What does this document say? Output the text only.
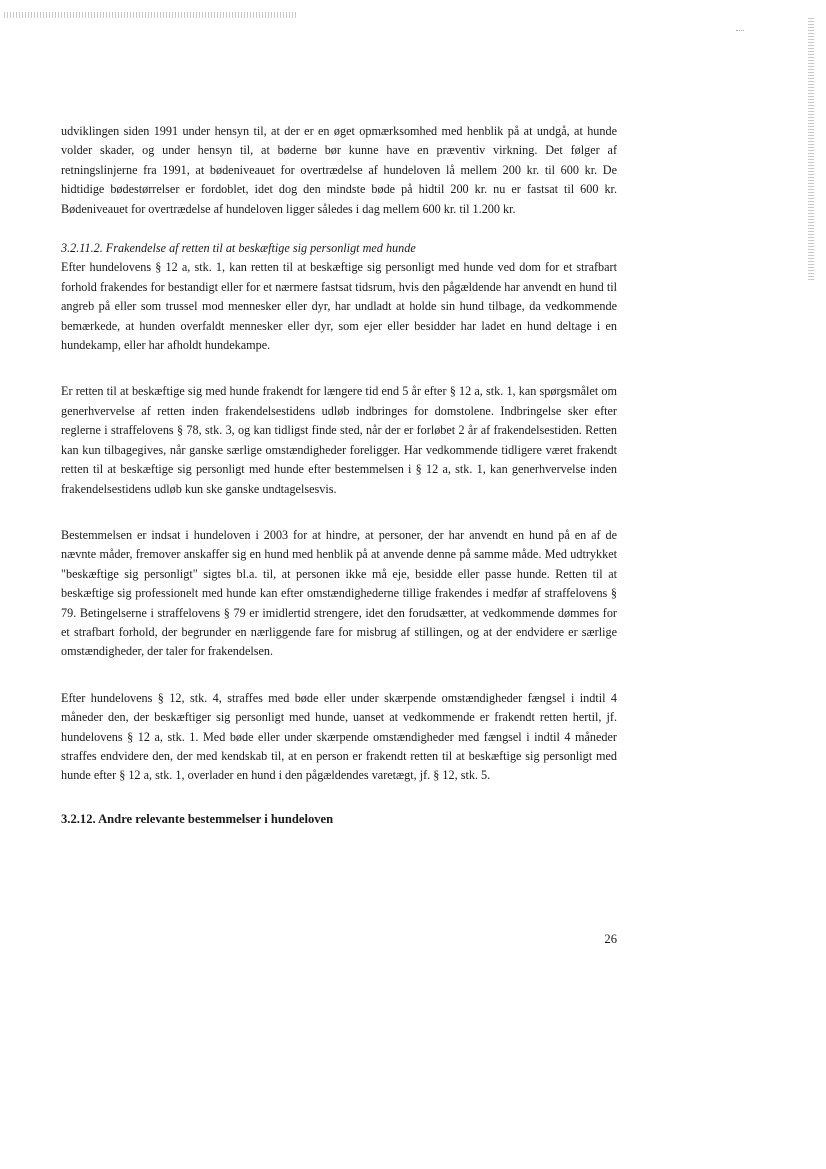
udviklingen siden 1991 under hensyn til, at der er en øget opmærksomhed med henblik på at undgå, at hunde volder skader, og under hensyn til, at bøderne bør kunne have en præventiv virkning. Det følger af retningslinjerne fra 1991, at bødeniveauet for overtrædelse af hundeloven lå mellem 200 kr. til 600 kr. De hidtidige bødestørrelser er fordoblet, idet dog den mindste bøde på hidtil 200 kr. nu er fastsat til 600 kr. Bødeniveauet for overtrædelse af hundeloven ligger således i dag mellem 600 kr. til 1.200 kr.

3.2.11.2. Frakendelse af retten til at beskæftige sig personligt med hunde

Efter hundelovens § 12 a, stk. 1, kan retten til at beskæftige sig personligt med hunde ved dom for et strafbart forhold frakendes for bestandigt eller for et nærmere fastsat tidsrum, hvis den pågældende har anvendt en hund til angreb på eller som trussel mod mennesker eller dyr, har undladt at holde sin hund tilbage, da vedkommende bemærkede, at hunden overfaldt mennesker eller dyr, som ejer eller besidder har ladet en hund deltage i en hundekamp, eller har afholdt hundekampe.

Er retten til at beskæftige sig med hunde frakendt for længere tid end 5 år efter § 12 a, stk. 1, kan spørgsmålet om generhvervelse af retten inden frakendelsestidens udløb indbringes for domstolene. Indbringelse sker efter reglerne i straffelovens § 78, stk. 3, og kan tidligst finde sted, når der er forløbet 2 år af frakendelsestiden. Retten kan kun tilbagegives, når ganske særlige omstændigheder foreligger. Har vedkommende tidligere været frakendt retten til at beskæftige sig personligt med hunde efter bestemmelsen i § 12 a, stk. 1, kan generhvervelse inden frakendelsestidens udløb kun ske ganske undtagelsesvis.

Bestemmelsen er indsat i hundeloven i 2003 for at hindre, at personer, der har anvendt en hund på en af de nævnte måder, fremover anskaffer sig en hund med henblik på at anvende denne på samme måde. Med udtrykket "beskæftige sig personligt" sigtes bl.a. til, at personen ikke må eje, besidde eller passe hunde. Retten til at beskæftige sig professionelt med hunde kan efter omstændighederne tillige frakendes i medfør af straffelovens § 79. Betingelserne i straffelovens § 79 er imidlertid strengere, idet den forudsætter, at vedkommende dømmes for et strafbart forhold, der begrunder en nærliggende fare for misbrug af stillingen, og at der endvidere er særlige omstændigheder, der taler for frakendelsen.

Efter hundelovens § 12, stk. 4, straffes med bøde eller under skærpende omstændigheder fængsel i indtil 4 måneder den, der beskæftiger sig personligt med hunde, uanset at vedkommende er frakendt retten hertil, jf. hundelovens § 12 a, stk. 1. Med bøde eller under skærpende omstændigheder med fængsel i indtil 4 måneder straffes endvidere den, der med kendskab til, at en person er frakendt retten til at beskæftige sig personligt med hunde efter § 12 a, stk. 1, overlader en hund i den pågældendes varetægt, jf. § 12, stk. 5.

3.2.12. Andre relevante bestemmelser i hundeloven
26
